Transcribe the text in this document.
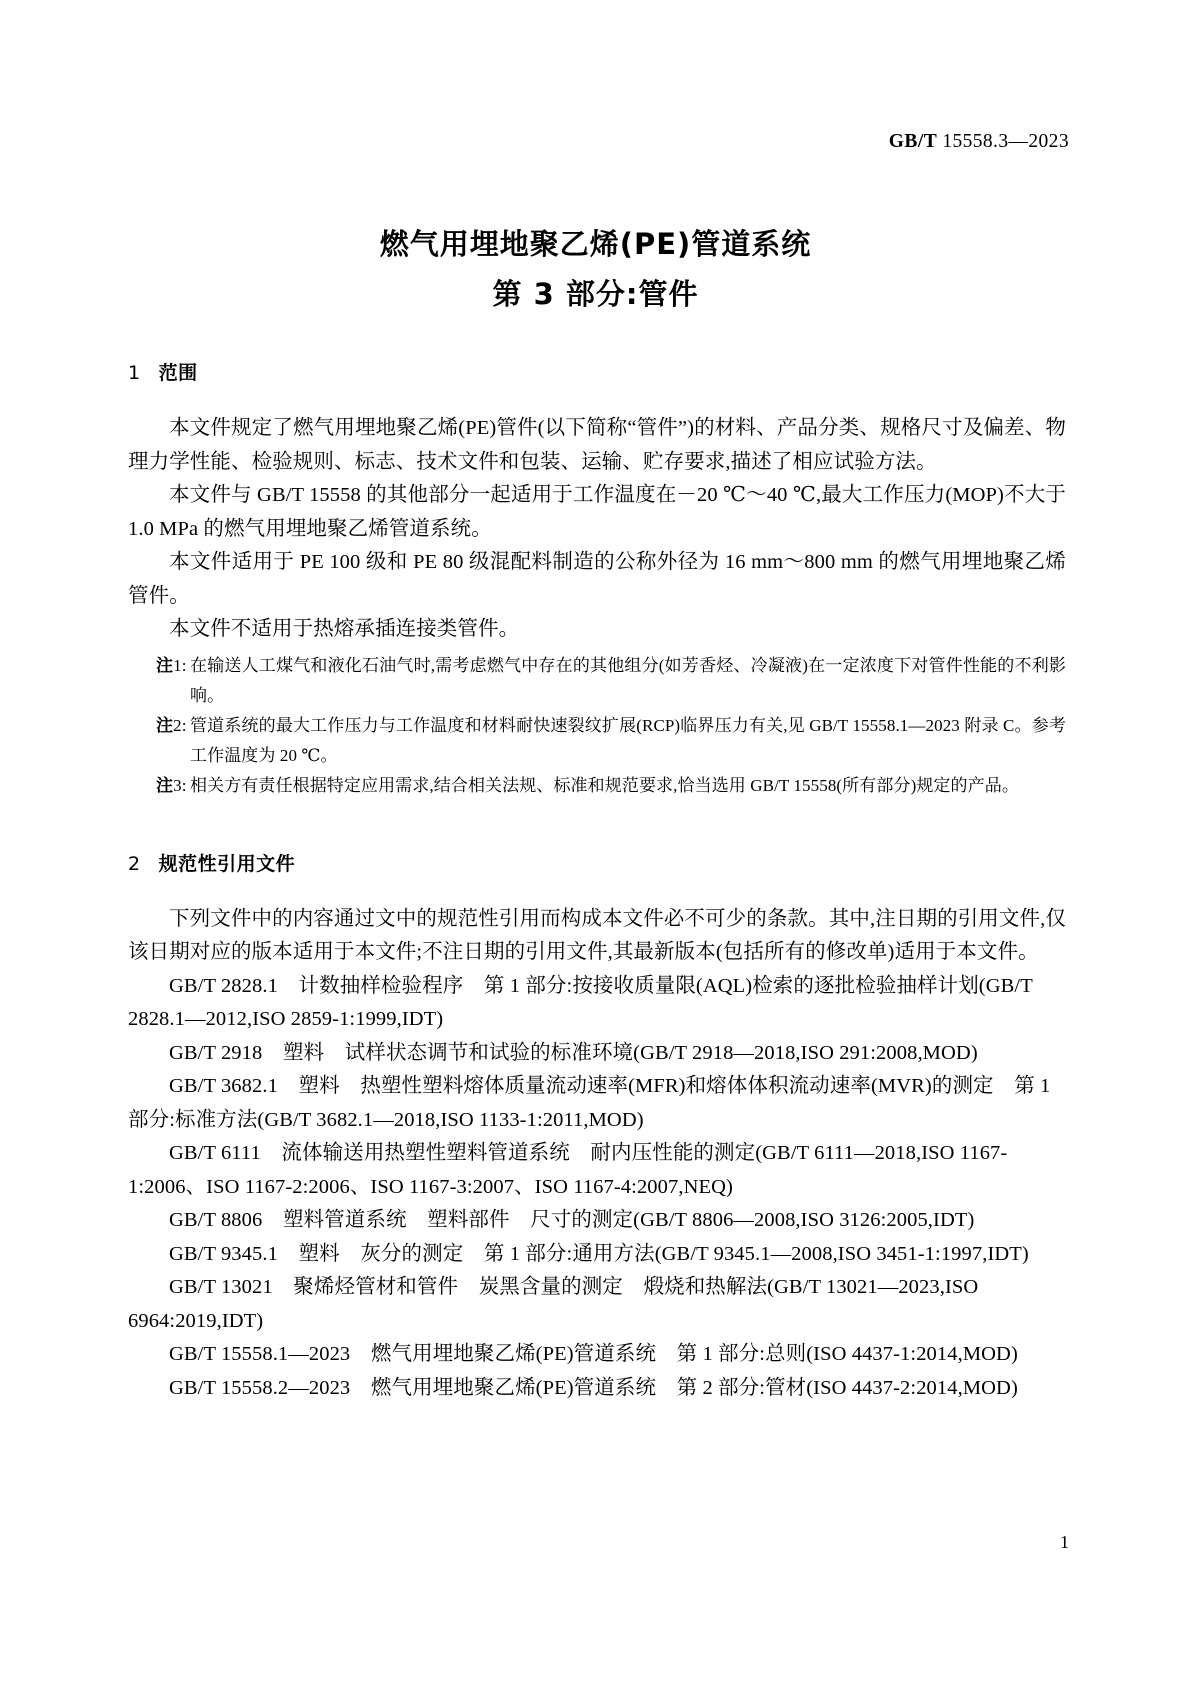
GB/T 15558.3—2023
燃气用埋地聚乙烯(PE)管道系统
第 3 部分:管件
1 范围

本文件规定了燃气用埋地聚乙烯(PE)管件(以下简称“管件”)的材料、产品分类、规格尺寸及偏差、物理力学性能、检验规则、标志、技术文件和包装、运输、贮存要求,描述了相应试验方法。

本文件与 GB/T 15558 的其他部分一起适用于工作温度在－20 ℃～40 ℃,最大工作压力(MOP)不大于 1.0 MPa 的燃气用埋地聚乙烯管道系统。

本文件适用于 PE 100 级和 PE 80 级混配料制造的公称外径为 16 mm～800 mm 的燃气用埋地聚乙烯管件。

本文件不适用于热熔承插连接类管件。

注1: 在输送人工煤气和液化石油气时,需考虑燃气中存在的其他组分(如芳香烃、冷凝液)在一定浓度下对管件性能的不利影响。

注2: 管道系统的最大工作压力与工作温度和材料耐快速裂纹扩展(RCP)临界压力有关,见 GB/T 15558.1—2023 附录 C。参考工作温度为 20 ℃。

注3: 相关方有责任根据特定应用需求,结合相关法规、标准和规范要求,恰当选用 GB/T 15558(所有部分)规定的产品。

2 规范性引用文件

下列文件中的内容通过文中的规范性引用而构成本文件必不可少的条款。其中,注日期的引用文件,仅该日期对应的版本适用于本文件;不注日期的引用文件,其最新版本(包括所有的修改单)适用于本文件。

GB/T 2828.1　计数抽样检验程序　第 1 部分:按接收质量限(AQL)检索的逐批检验抽样计划(GB/T 2828.1—2012,ISO 2859-1:1999,IDT)

GB/T 2918　塑料　试样状态调节和试验的标准环境(GB/T 2918—2018,ISO 291:2008,MOD)

GB/T 3682.1　塑料　热塑性塑料熔体质量流动速率(MFR)和熔体体积流动速率(MVR)的测定　第 1 部分:标准方法(GB/T 3682.1—2018,ISO 1133-1:2011,MOD)

GB/T 6111　流体输送用热塑性塑料管道系统　耐内压性能的测定(GB/T 6111—2018,ISO 1167-1:2006、ISO 1167-2:2006、ISO 1167-3:2007、ISO 1167-4:2007,NEQ)

GB/T 8806　塑料管道系统　塑料部件　尺寸的测定(GB/T 8806—2008,ISO 3126:2005,IDT)

GB/T 9345.1　塑料　灰分的测定　第 1 部分:通用方法(GB/T 9345.1—2008,ISO 3451-1:1997,IDT)

GB/T 13021　聚烯烃管材和管件　炭黑含量的测定　煅烧和热解法(GB/T 13021—2023,ISO 6964:2019,IDT)

GB/T 15558.1—2023　燃气用埋地聚乙烯(PE)管道系统　第 1 部分:总则(ISO 4437-1:2014,MOD)

GB/T 15558.2—2023　燃气用埋地聚乙烯(PE)管道系统　第 2 部分:管材(ISO 4437-2:2014,MOD)

1
